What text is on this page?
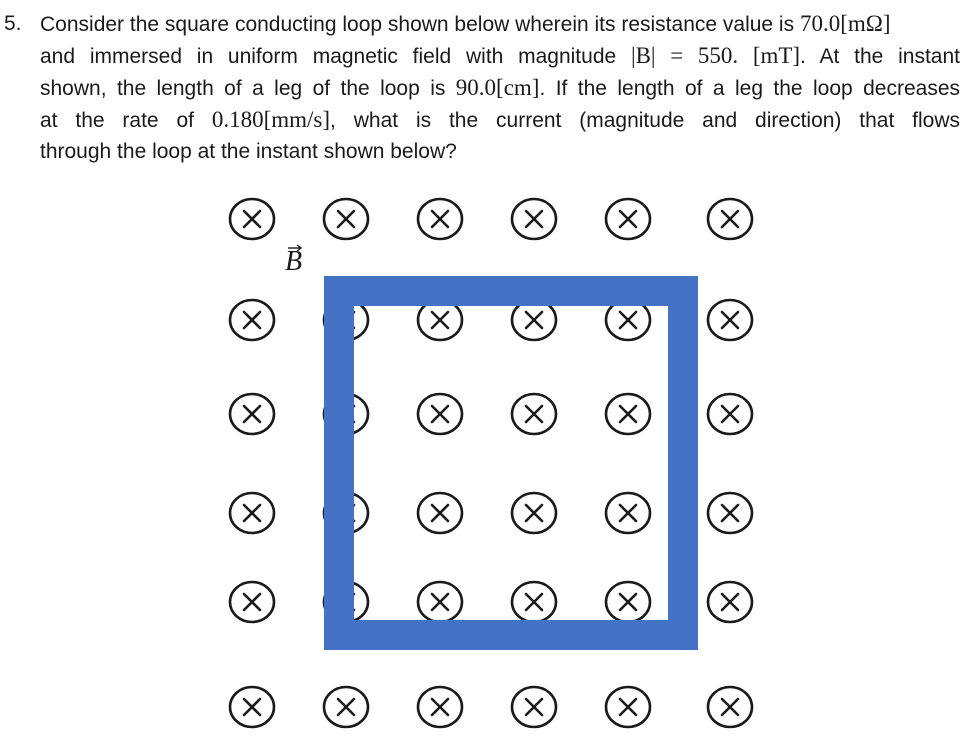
5. Consider the square conducting loop shown below wherein its resistance value is 70.0[mΩ]
and immersed in uniform magnetic field with magnitude |B| = 550. [mT]. At the instant
shown, the length of a leg of the loop is 90.0[cm]. If the length of a leg the loop decreases
at the rate of 0.180[mm/s], what is the current (magnitude and direction) that flows
through the loop at the instant shown below?
B
